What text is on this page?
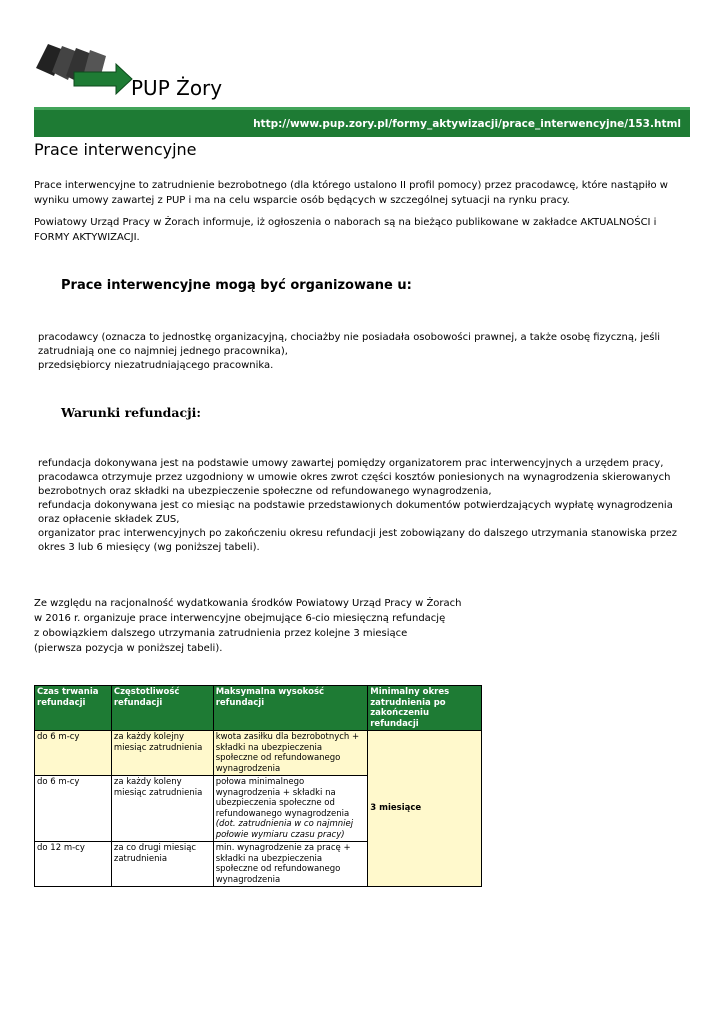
PUP Żory
http://www.pup.zory.pl/formy_aktywizacji/prace_interwencyjne/153.html
Prace interwencyjne
Prace interwencyjne to zatrudnienie bezrobotnego (dla którego ustalono II profil pomocy) przez pracodawcę, które nastąpiło w wyniku umowy zawartej z PUP i ma na celu wsparcie osób będących w szczególnej sytuacji na rynku pracy.
Powiatowy Urząd Pracy w Żorach informuje, iż ogłoszenia o naborach są na bieżąco publikowane w zakładce AKTUALNOŚCI i FORMY AKTYWIZACJI.
Prace interwencyjne mogą być organizowane u:
pracodawcy (oznacza to jednostkę organizacyjną, chociażby nie posiadała osobowości prawnej, a także osobę fizyczną, jeśli zatrudniają one co najmniej jednego pracownika),
przedsiębiorcy niezatrudniającego pracownika.
Warunki refundacji:
refundacja dokonywana jest na podstawie umowy zawartej pomiędzy organizatorem prac interwencyjnych a urzędem pracy,
pracodawca otrzymuje przez uzgodniony w umowie okres zwrot części kosztów poniesionych na wynagrodzenia skierowanych bezrobotnych oraz składki na ubezpieczenie społeczne od refundowanego wynagrodzenia,
refundacja dokonywana jest co miesiąc na podstawie przedstawionych dokumentów potwierdzających wypłatę wynagrodzenia oraz opłacenie składek ZUS,
organizator prac interwencyjnych po zakończeniu okresu refundacji jest zobowiązany do dalszego utrzymania stanowiska przez okres 3 lub 6 miesięcy (wg poniższej tabeli).
Ze względu na racjonalność wydatkowania środków Powiatowy Urząd Pracy w Żorach
w 2016 r. organizuje prace interwencyjne obejmujące 6-cio miesięczną refundację
z obowiązkiem dalszego utrzymania zatrudnienia przez kolejne 3 miesiące
(pierwsza pozycja w poniższej tabeli).
Czas trwania refundacji	Częstotliwość refundacji	Maksymalna wysokość refundacji	Minimalny okres zatrudnienia po zakończeniu refundacji
do 6 m-cy	za każdy kolejny miesiąc zatrudnienia	kwota zasiłku dla bezrobotnych + składki na ubezpieczenia społeczne od refundowanego wynagrodzenia	3 miesiące
do 6 m-cy	za każdy koleny miesiąc zatrudnienia	połowa minimalnego wynagrodzenia + składki na ubezpieczenia społeczne od refundowanego wynagrodzenia
(dot. zatrudnienia w co najmniej połowie wymiaru czasu pracy)	
do 12 m-cy	za co drugi miesiąc zatrudnienia	min. wynagrodzenie za pracę + składki na ubezpieczenia społeczne od refundowanego wynagrodzenia	
